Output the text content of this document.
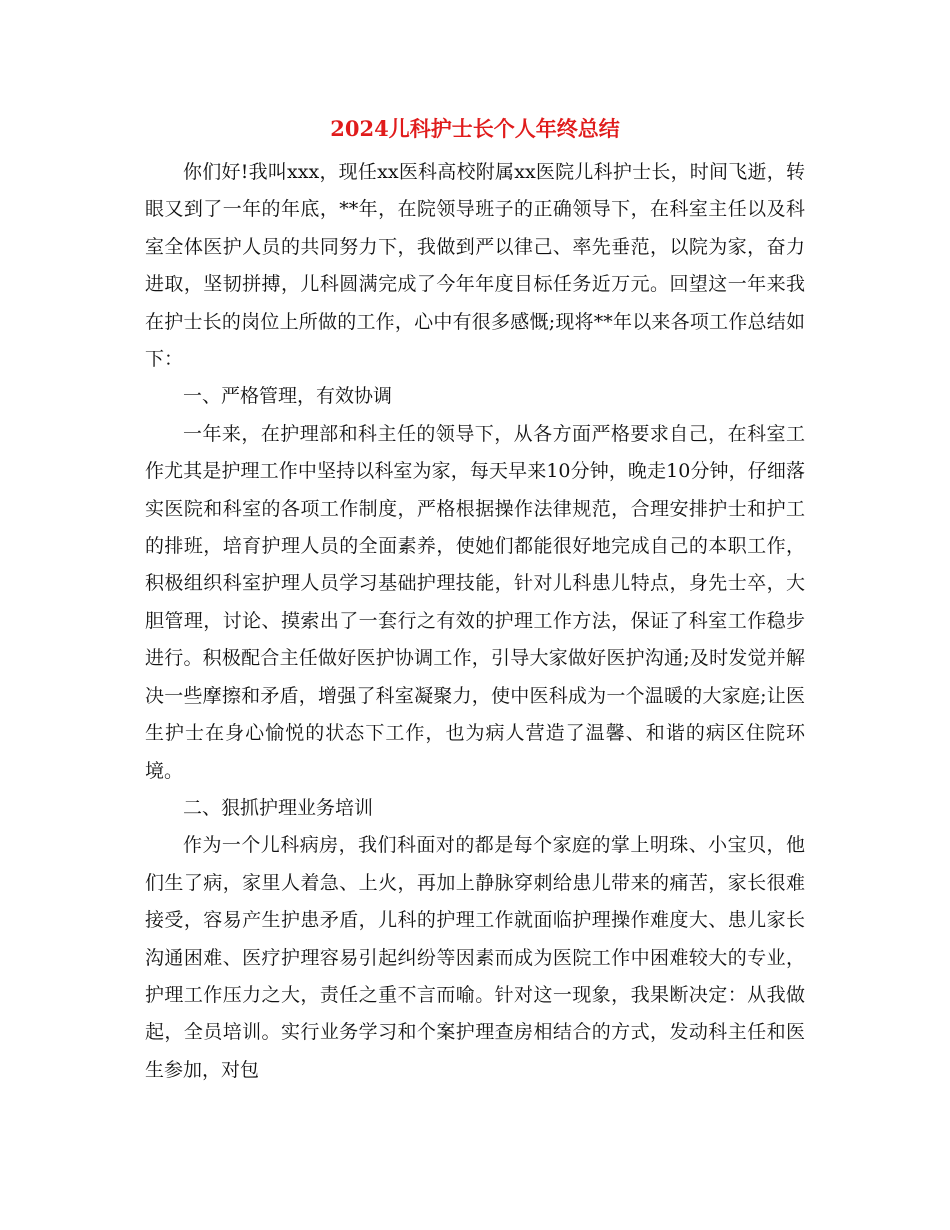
2024儿科护士长个人年终总结

你们好!我叫xxx，现任xx医科高校附属xx医院儿科护士长，时间飞逝，转眼又到了一年的年底，**年，在院领导班子的正确领导下，在科室主任以及科室全体医护人员的共同努力下，我做到严以律己、率先垂范，以院为家，奋力进取，坚韧拼搏，儿科圆满完成了今年年度目标任务近万元。回望这一年来我在护士长的岗位上所做的工作，心中有很多感慨;现将**年以来各项工作总结如下：

一、严格管理，有效协调

一年来，在护理部和科主任的领导下，从各方面严格要求自己，在科室工作尤其是护理工作中坚持以科室为家，每天早来10分钟，晚走10分钟，仔细落实医院和科室的各项工作制度，严格根据操作法律规范，合理安排护士和护工的排班，培育护理人员的全面素养，使她们都能很好地完成自己的本职工作，积极组织科室护理人员学习基础护理技能，针对儿科患儿特点，身先士卒，大胆管理，讨论、摸索出了一套行之有效的护理工作方法，保证了科室工作稳步进行。积极配合主任做好医护协调工作，引导大家做好医护沟通;及时发觉并解决一些摩擦和矛盾，增强了科室凝聚力，使中医科成为一个温暖的大家庭;让医生护士在身心愉悦的状态下工作，也为病人营造了温馨、和谐的病区住院环境。

二、狠抓护理业务培训

作为一个儿科病房，我们科面对的都是每个家庭的掌上明珠、小宝贝，他们生了病，家里人着急、上火，再加上静脉穿刺给患儿带来的痛苦，家长很难接受，容易产生护患矛盾，儿科的护理工作就面临护理操作难度大、患儿家长沟通困难、医疗护理容易引起纠纷等因素而成为医院工作中困难较大的专业，护理工作压力之大，责任之重不言而喻。针对这一现象，我果断决定：从我做起，全员培训。实行业务学习和个案护理查房相结合的方式，发动科主任和医生参加，对包
